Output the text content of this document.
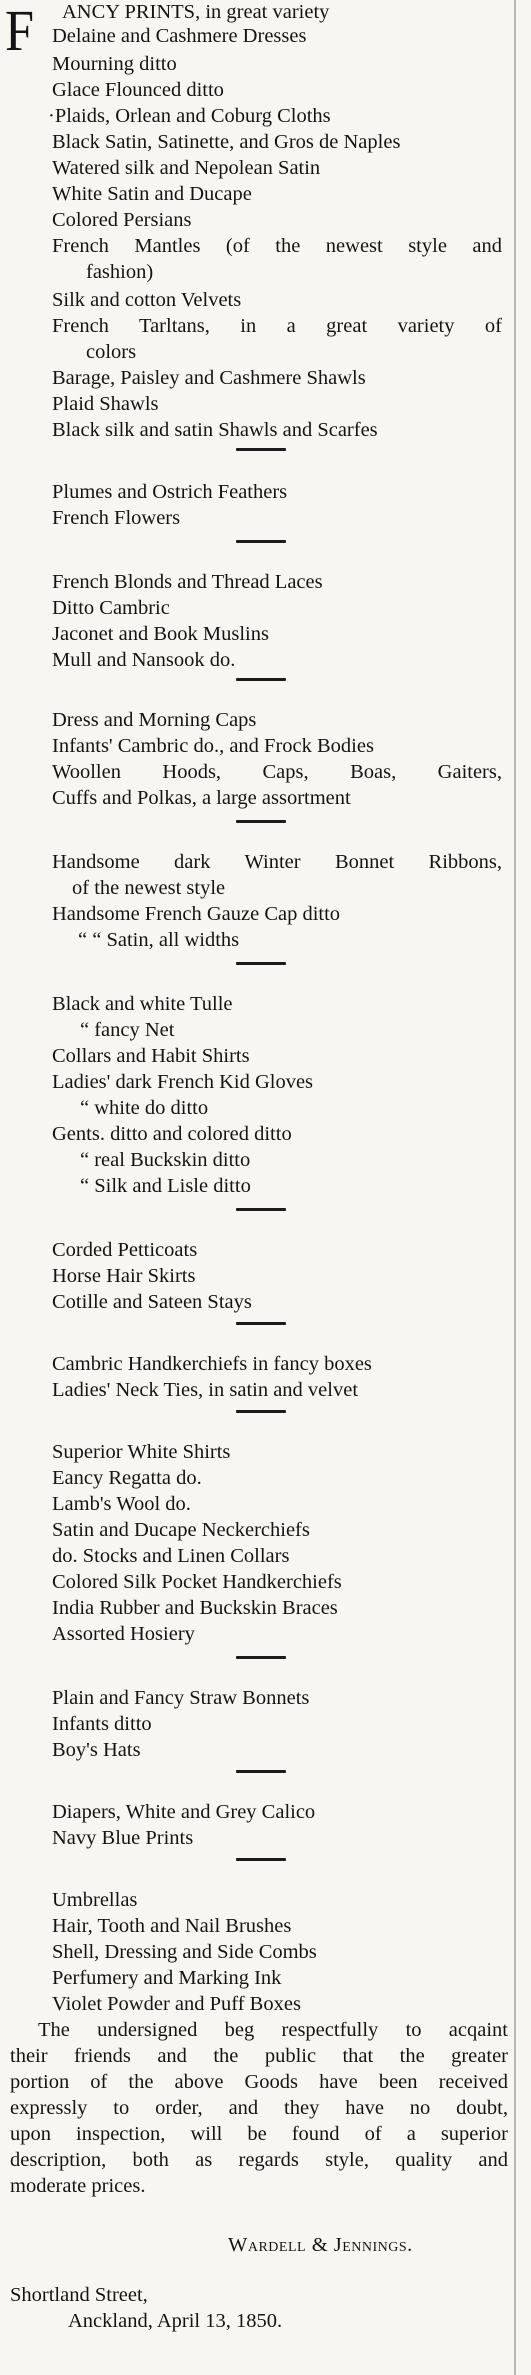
F ANCY PRINTS, in great variety
Delaine and Cashmere Dresses
Mourning ditto
Glace Flounced ditto
·Plaids, Orlean and Coburg Cloths
Black Satin, Satinette, and Gros de Naples
Watered silk and Nepolean Satin
White Satin and Ducape
Colored Persians
French Mantles (of the newest style and
fashion)
Silk and cotton Velvets
French Tarltans, in a great variety of
colors
Barage, Paisley and Cashmere Shawls
Plaid Shawls
Black silk and satin Shawls and Scarfes
Plumes and Ostrich Feathers
French Flowers
French Blonds and Thread Laces
Ditto Cambric
Jaconet and Book Muslins
Mull and Nansook do.
Dress and Morning Caps
Infants' Cambric do., and Frock Bodies
Woollen Hoods, Caps, Boas, Gaiters,
Cuffs and Polkas, a large assortment
Handsome dark Winter Bonnet Ribbons,
of the newest style
Handsome French Gauze Cap ditto
“ “ Satin, all widths
Black and white Tulle
“ fancy Net
Collars and Habit Shirts
Ladies' dark French Kid Gloves
“ white do ditto
Gents. ditto and colored ditto
“ real Buckskin ditto
“ Silk and Lisle ditto
Corded Petticoats
Horse Hair Skirts
Cotille and Sateen Stays
Cambric Handkerchiefs in fancy boxes
Ladies' Neck Ties, in satin and velvet
Superior White Shirts
Eancy Regatta do.
Lamb's Wool do.
Satin and Ducape Neckerchiefs
do. Stocks and Linen Collars
Colored Silk Pocket Handkerchiefs
India Rubber and Buckskin Braces
Assorted Hosiery
Plain and Fancy Straw Bonnets
Infants ditto
Boy's Hats
Diapers, White and Grey Calico
Navy Blue Prints
Umbrellas
Hair, Tooth and Nail Brushes
Shell, Dressing and Side Combs
Perfumery and Marking Ink
Violet Powder and Puff Boxes
The undersigned beg respectfully to acqaint
their friends and the public that the greater
portion of the above Goods have been received
expressly to order, and they have no doubt,
upon inspection, will be found of a superior
description, both as regards style, quality and
moderate prices.
Wardell & Jennings.
Shortland Street,
Anckland, April 13, 1850.
